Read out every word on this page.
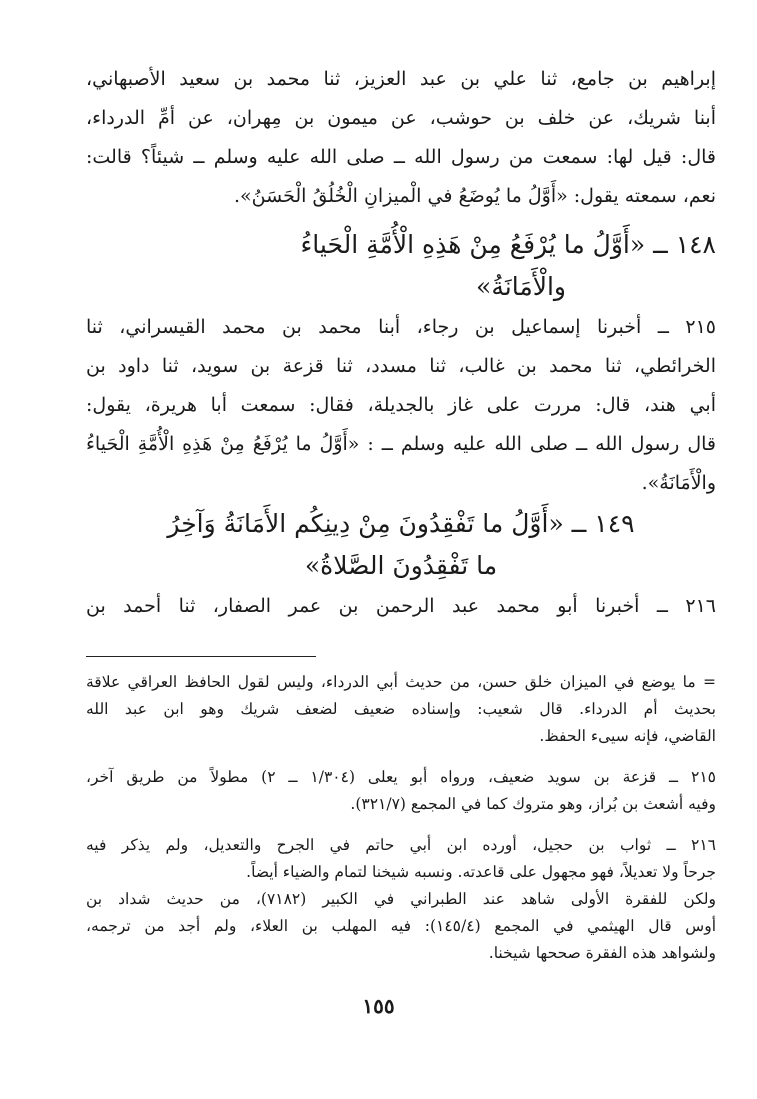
إبراهيم بن جامع، ثنا علي بن عبد العزيز، ثنا محمد بن سعيد الأصبهاني،
أبنا شريك، عن خلف بن حوشب، عن ميمون بن مِهران، عن أمِّ الدرداء،
قال: قيل لها: سمعت من رسول الله ــ صلى الله عليه وسلم ــ شيئاً؟ قالت:
نعم، سمعته يقول: «أَوَّلُ ما يُوضَعُ في الْميزانِ الْخُلُقُ الْحَسَنُ».
١٤٨ ــ «أَوَّلُ ما يُرْفَعُ مِنْ هَذِهِ الْأُمَّةِ الْحَياءُ
والْأَمَانَةُ»
٢١٥ ــ أخبرنا إسماعيل بن رجاء، أبنا محمد بن محمد القيسراني، ثنا
الخرائطي، ثنا محمد بن غالب، ثنا مسدد، ثنا قزعة بن سويد، ثنا داود بن
أبي هند، قال: مررت على غاز بالجديلة، فقال: سمعت أبا هريرة، يقول:
قال رسول الله ــ صلى الله عليه وسلم ــ : «أَوَّلُ ما يُرْفَعُ مِنْ هَذِهِ الْأُمَّةِ الْحَياءُ
والْأَمَانَةُ».
١٤٩ ــ «أَوَّلُ ما تَفْقِدُونَ مِنْ دِينِكُم الأَمَانَةُ وَآخِرُ
ما تَفْقِدُونَ الصَّلاةُ»
٢١٦ ــ أخبرنا أبو محمد عبد الرحمن بن عمر الصفار، ثنا أحمد بن
= ما يوضع في الميزان خلق حسن، من حديث أبي الدرداء، وليس لقول الحافظ العراقي علاقة
بحديث أم الدرداء. قال شعيب: وإسناده ضعيف لضعف شريك وهو ابن عبد الله
القاضي، فإنه سيىء الحفظ.
٢١٥ ــ قزعة بن سويد ضعيف، ورواه أبو يعلى (١/٣٠٤ ــ ٢) مطولاً من طريق آخر،
وفيه أشعث بن بُراز، وهو متروك كما في المجمع (٣٢١/٧).
٢١٦ ــ ثواب بن حجيل، أورده ابن أبي حاتم في الجرح والتعديل، ولم يذكر فيه
جرحاً ولا تعديلاً، فهو مجهول على قاعدته. ونسبه شيخنا لتمام والضياء أيضاً.
ولكن للفقرة الأولى شاهد عند الطبراني في الكبير (٧١٨٢)، من حديث شداد بن
أوس قال الهيثمي في المجمع (١٤٥/٤): فيه المهلب بن العلاء، ولم أجد من ترجمه،
ولشواهد هذه الفقرة صححها شيخنا.
١٥٥
